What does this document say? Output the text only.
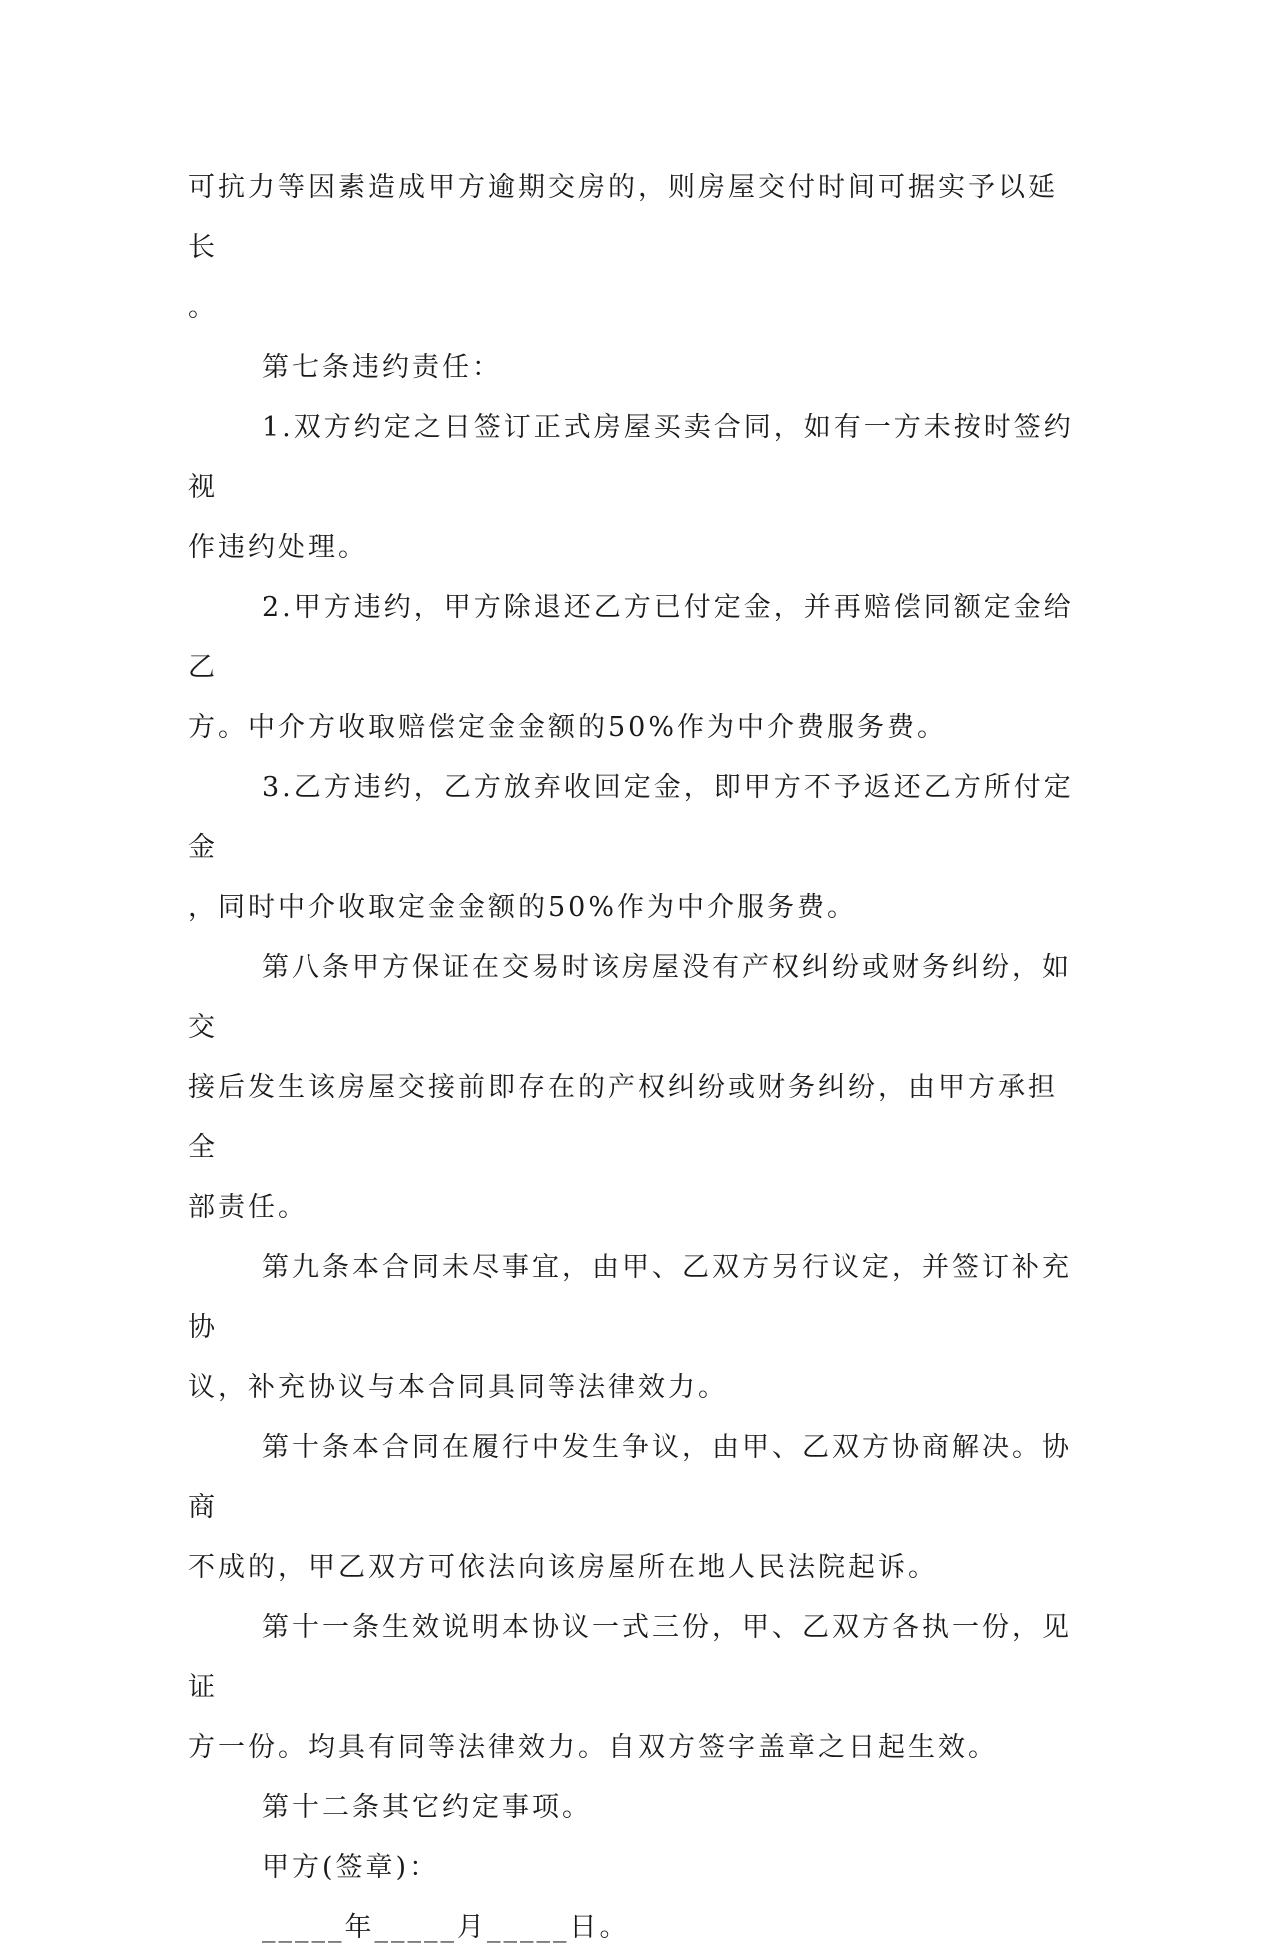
可抗力等因素造成甲方逾期交房的，则房屋交付时间可据实予以延长
。

第七条违约责任：

1.双方约定之日签订正式房屋买卖合同，如有一方未按时签约视
作违约处理。

2.甲方违约，甲方除退还乙方已付定金，并再赔偿同额定金给乙
方。中介方收取赔偿定金金额的50%作为中介费服务费。

3.乙方违约，乙方放弃收回定金，即甲方不予返还乙方所付定金
，同时中介收取定金金额的50%作为中介服务费。

第八条甲方保证在交易时该房屋没有产权纠纷或财务纠纷，如交
接后发生该房屋交接前即存在的产权纠纷或财务纠纷，由甲方承担全
部责任。

第九条本合同未尽事宜，由甲、乙双方另行议定，并签订补充协
议，补充协议与本合同具同等法律效力。

第十条本合同在履行中发生争议，由甲、乙双方协商解决。协商
不成的，甲乙双方可依法向该房屋所在地人民法院起诉。

第十一条生效说明本协议一式三份，甲、乙双方各执一份，见证
方一份。均具有同等法律效力。自双方签字盖章之日起生效。

第十二条其它约定事项。

甲方(签章)：

_____年_____月_____日。
